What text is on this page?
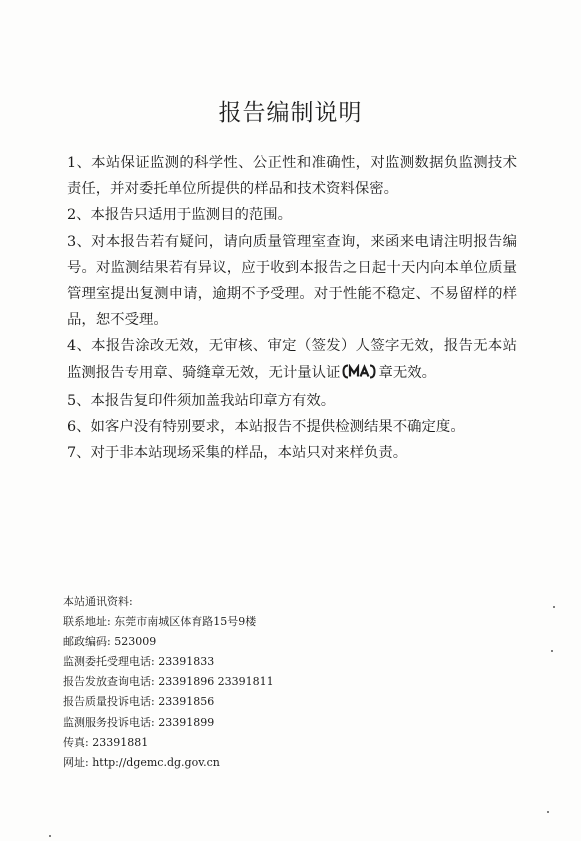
报告编制说明
1、本站保证监测的科学性、公正性和准确性，对监测数据负监测技术责任，并对委托单位所提供的样品和技术资料保密。
2、本报告只适用于监测目的范围。
3、对本报告若有疑问，请向质量管理室查询，来函来电请注明报告编号。对监测结果若有异议，应于收到本报告之日起十天内向本单位质量管理室提出复测申请，逾期不予受理。对于性能不稳定、不易留样的样品，恕不受理。
4、本报告涂改无效，无审核、审定（签发）人签字无效，报告无本站监测报告专用章、骑缝章无效，无计量认证	章无效。
5、本报告复印件须加盖我站印章方有效。
6、如客户没有特别要求，本站报告不提供检测结果不确定度。
7、对于非本站现场采集的样品，本站只对来样负责。
本站通讯资料:
联系地址: 东莞市南城区体育路15号9楼
邮政编码: 523009
监测委托受理电话: 23391833
报告发放查询电话: 23391896 23391811
报告质量投诉电话: 23391856
监测服务投诉电话: 23391899
传真: 23391881
网址: http://dgemc.dg.gov.cn
